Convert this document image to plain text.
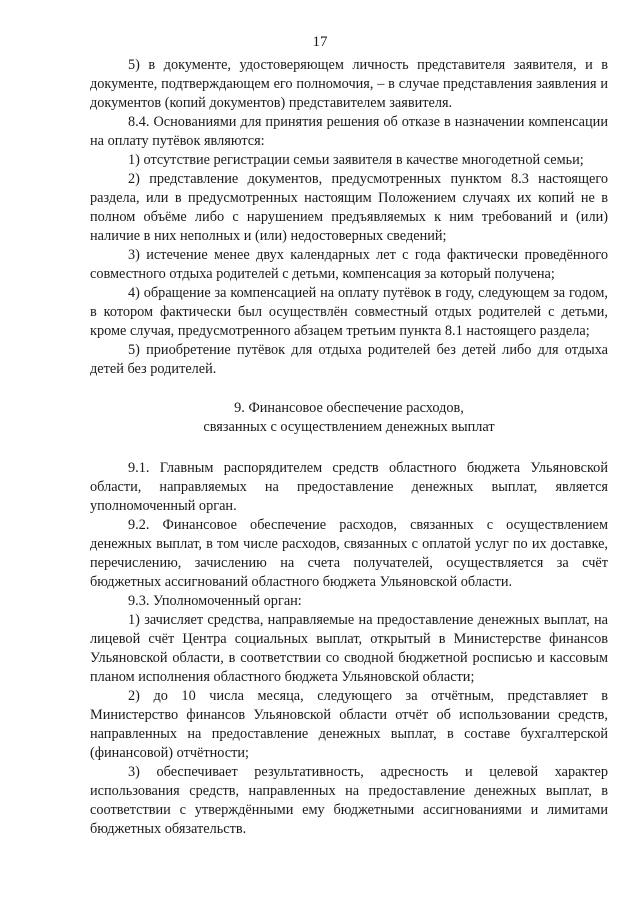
17

5) в документе, удостоверяющем личность представителя заявителя, и в документе, подтверждающем его полномочия, – в случае представления заявления и документов (копий документов) представителем заявителя.

8.4. Основаниями для принятия решения об отказе в назначении компенсации на оплату путёвок являются:

1) отсутствие регистрации семьи заявителя в качестве многодетной семьи;

2) представление документов, предусмотренных пунктом 8.3 настоящего раздела, или в предусмотренных настоящим Положением случаях их копий не в полном объёме либо с нарушением предъявляемых к ним требований и (или) наличие в них неполных и (или) недостоверных сведений;

3) истечение менее двух календарных лет с года фактически проведённого совместного отдыха родителей с детьми, компенсация за который получена;

4) обращение за компенсацией на оплату путёвок в году, следующем за годом, в котором фактически был осуществлён совместный отдых родителей с детьми, кроме случая, предусмотренного абзацем третьим пункта 8.1 настоящего раздела;

5) приобретение путёвок для отдыха родителей без детей либо для отдыха детей без родителей.

9. Финансовое обеспечение расходов,
связанных с осуществлением денежных выплат

9.1. Главным распорядителем средств областного бюджета Ульяновской области, направляемых на предоставление денежных выплат, является уполномоченный орган.

9.2. Финансовое обеспечение расходов, связанных с осуществлением денежных выплат, в том числе расходов, связанных с оплатой услуг по их доставке, перечислению, зачислению на счета получателей, осуществляется за счёт бюджетных ассигнований областного бюджета Ульяновской области.

9.3. Уполномоченный орган:

1) зачисляет средства, направляемые на предоставление денежных выплат, на лицевой счёт Центра социальных выплат, открытый в Министерстве финансов Ульяновской области, в соответствии со сводной бюджетной росписью и кассовым планом исполнения областного бюджета Ульяновской области;

2) до 10 числа месяца, следующего за отчётным, представляет в Министерство финансов Ульяновской области отчёт об использовании средств, направленных на предоставление денежных выплат, в составе бухгалтерской (финансовой) отчётности;

3) обеспечивает результативность, адресность и целевой характер использования средств, направленных на предоставление денежных выплат, в соответствии с утверждёнными ему бюджетными ассигнованиями и лимитами бюджетных обязательств.
